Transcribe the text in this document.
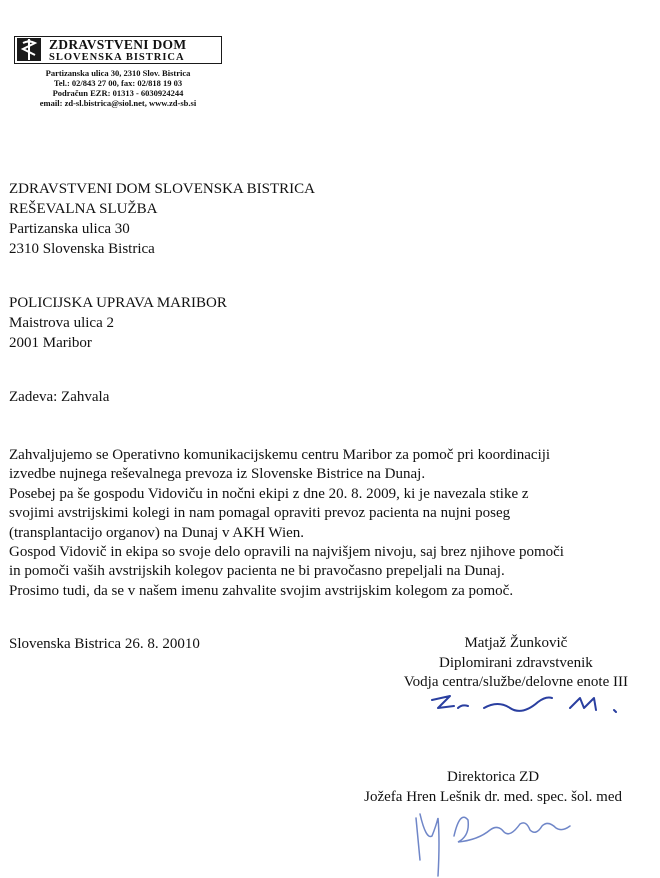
ZDRAVSTVENI DOM
SLOVENSKA BISTRICA
Partizanska ulica 30, 2310 Slov. Bistrica
Tel.: 02/843 27 00, fax: 02/818 19 03
Podračun EZR: 01313 - 6030924244
email: zd-sl.bistrica@siol.net, www.zd-sb.si
ZDRAVSTVENI DOM SLOVENSKA BISTRICA
REŠEVALNA SLUŽBA
Partizanska ulica 30
2310 Slovenska Bistrica
POLICIJSKA UPRAVA MARIBOR
Maistrova ulica 2
2001 Maribor
Zadeva: Zahvala
Zahvaljujemo se Operativno komunikacijskemu centru Maribor za pomoč pri koordinaciji
izvedbe nujnega reševalnega prevoza iz Slovenske Bistrice na Dunaj.
Posebej pa še gospodu Vidoviču in nočni ekipi z dne 20. 8. 2009, ki je navezala stike z
svojimi avstrijskimi kolegi in nam pomagal opraviti prevoz pacienta na nujni poseg
(transplantacijo organov) na Dunaj v AKH Wien.
Gospod Vidovič in ekipa so svoje delo opravili na najvišjem nivoju, saj brez njihove pomoči
in pomoči vaših avstrijskih kolegov pacienta ne bi pravočasno prepeljali na Dunaj.
Prosimo tudi, da se v našem imenu zahvalite svojim avstrijskim kolegom za pomoč.
Slovenska Bistrica 26. 8. 20010	Matjaž Žunkovič
Diplomirani zdravstvenik
Vodja centra/službe/delovne enote III
Direktorica ZD
Jožefa Hren Lešnik dr. med. spec. šol. med
